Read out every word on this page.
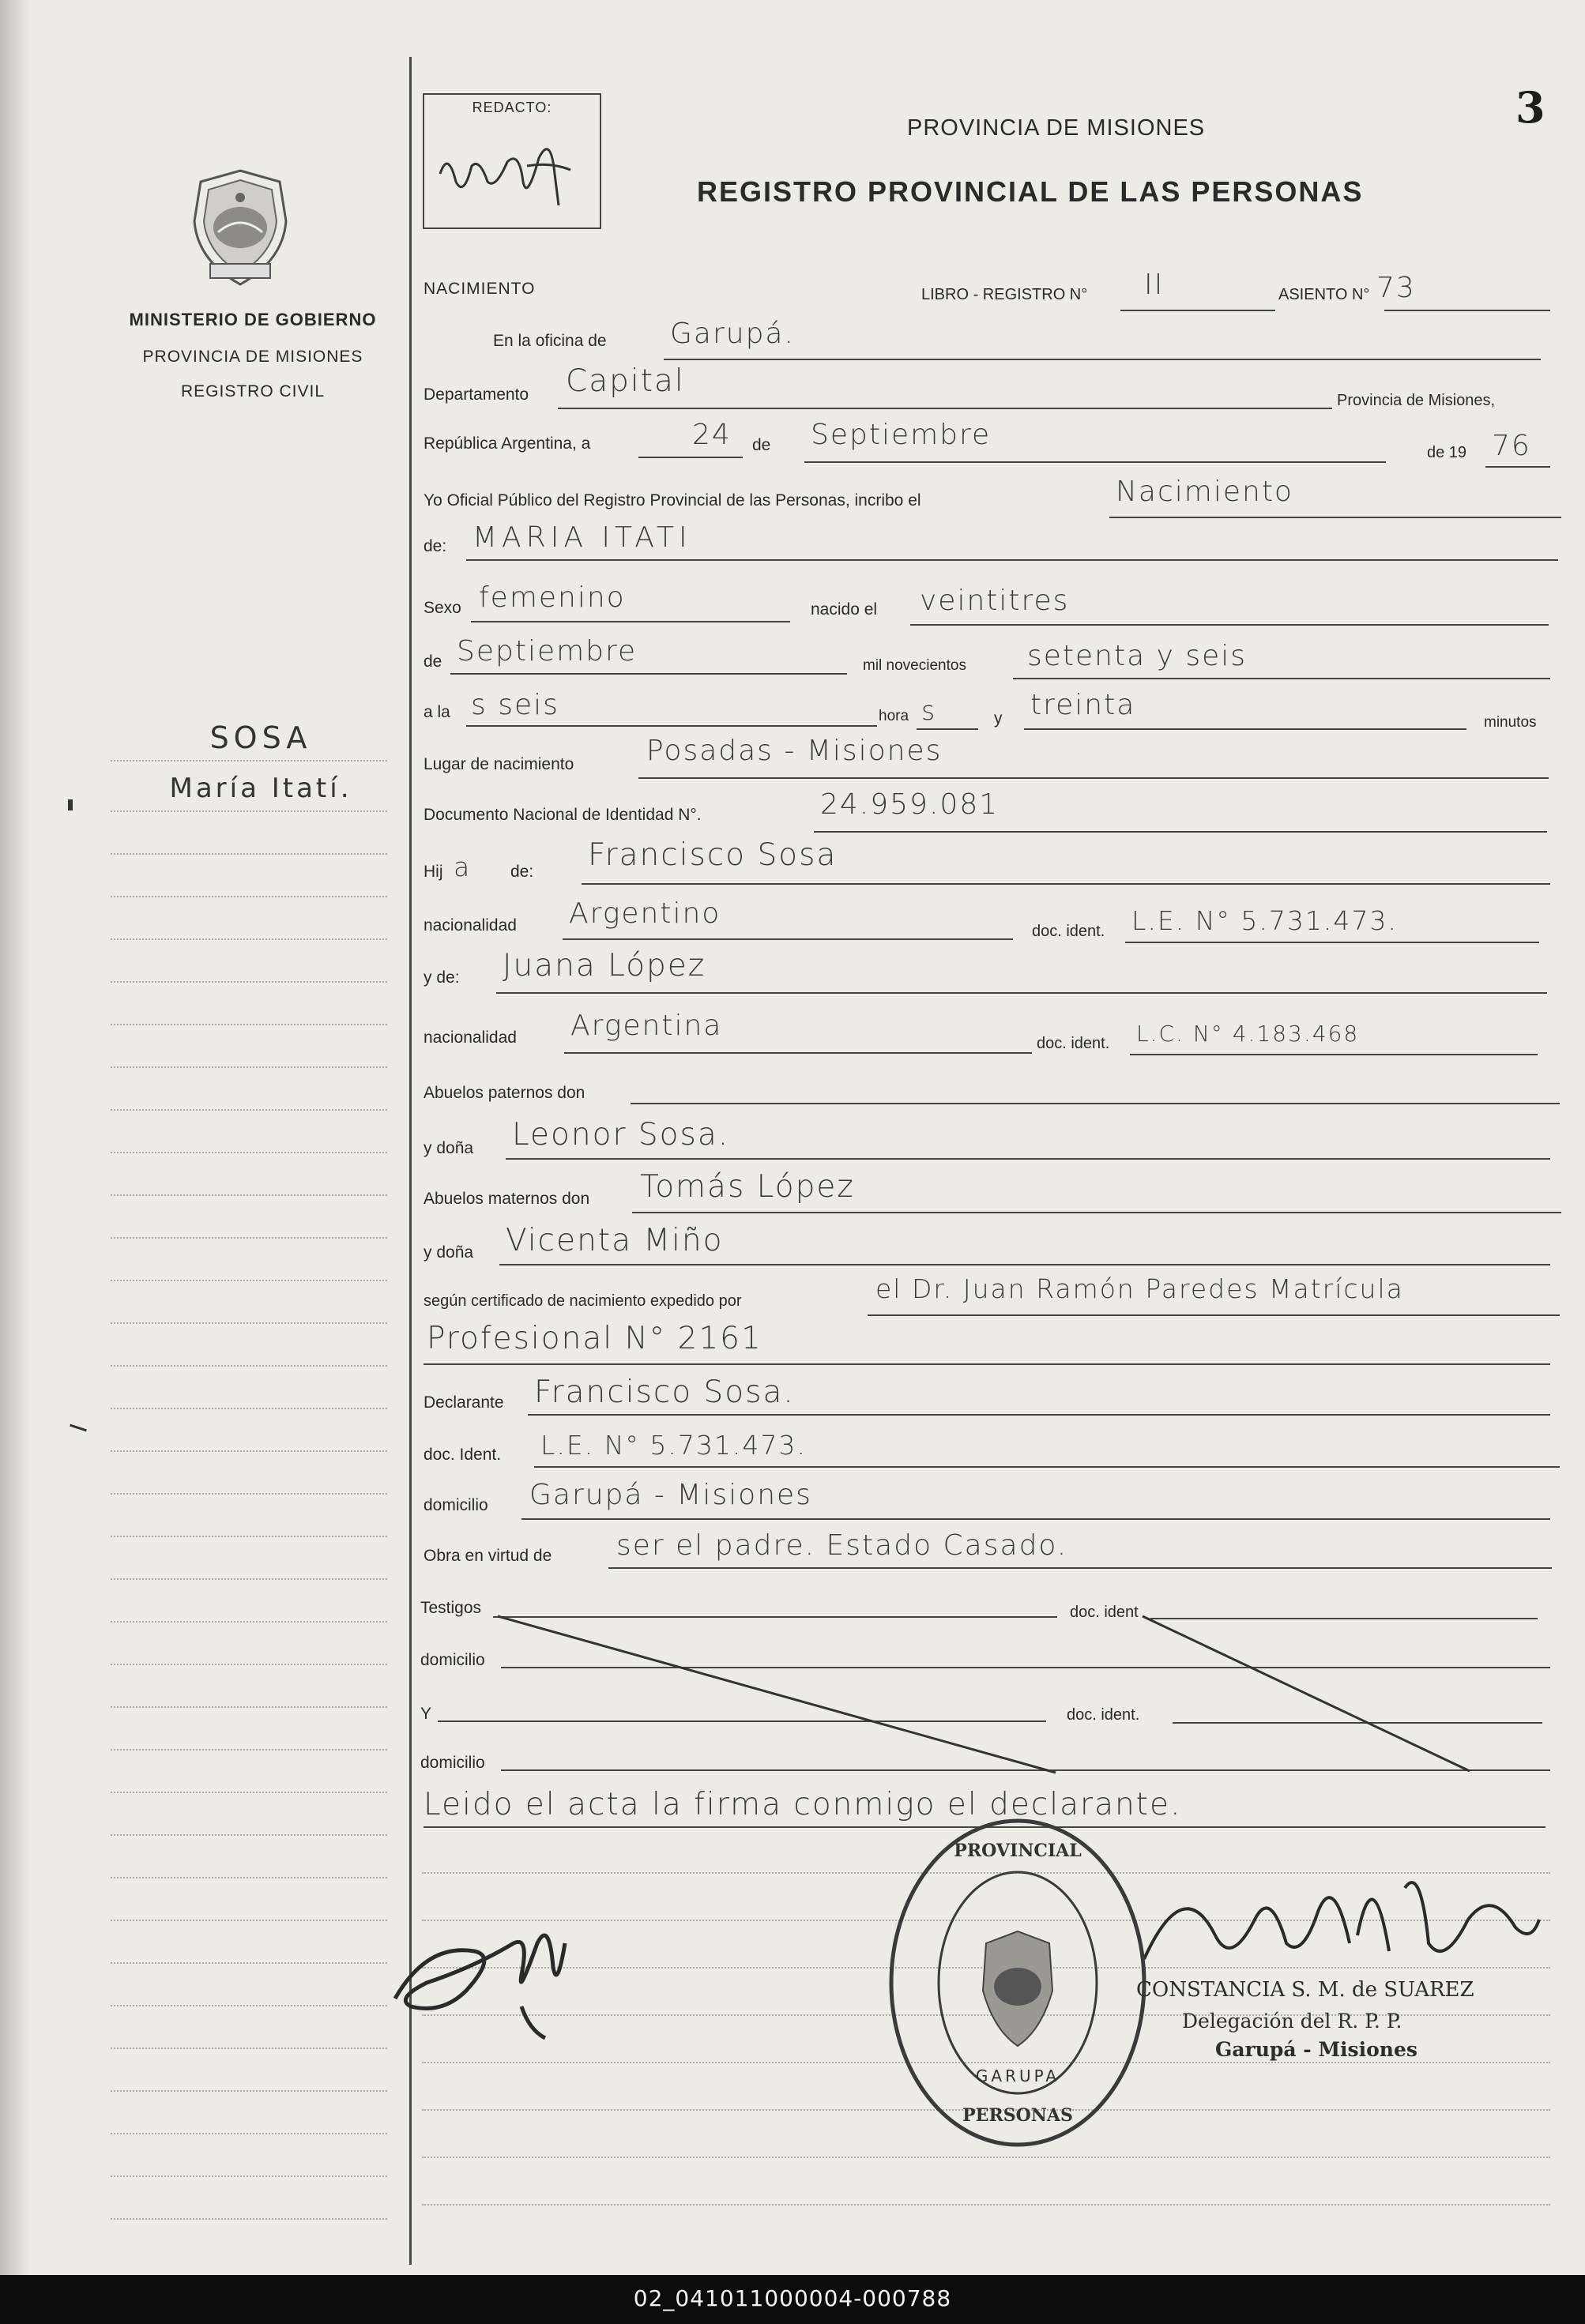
MINISTERIO DE GOBIERNO
PROVINCIA DE MISIONES
REGISTRO CIVIL
SOSA
María Itatí.
REDACTO:
PROVINCIA DE MISIONES
REGISTRO PROVINCIAL DE LAS PERSONAS
3
NACIMIENTO	LIBRO - REGISTRO N° II	ASIENTO N° 73
En la oficina de Garupá.
Departamento Capital
Provincia de Misiones,
República Argentina, a	24 de Septiembre
de 19 76
Yo Oficial Público del Registro Provincial de las Personas, incribo el	Nacimiento
de: MARIA ITATI
Sexo femenino	nacido el veintitres
de Septiembre	mil novecientos setenta y seis
a la s seis	hora s	y treinta
minutos
Lugar de nacimiento	Posadas - Misiones
Documento Nacional de Identidad N°.	24.959.081
Hij a de: Francisco Sosa
nacionalidad Argentino
doc. ident. L.E. N° 5.731.473.
y de: Juana López
nacionalidad Argentina
doc. ident. L.C. N° 4.183.468
Abuelos paternos don
y doña Leonor Sosa.
Abuelos maternos don Tomás López
y doña Vicenta Miño
según certificado de nacimiento expedido por	el Dr. Juan Ramón Paredes Matrícula
Profesional N° 2161
Declarante Francisco Sosa.
doc. Ident. L.E. N° 5.731.473.
domicilio Garupá - Misiones
Obra en virtud de ser el padre. Estado Casado.
Testigos	doc. ident
domicilio
Y	doc. ident.
domicilio
Leido el acta la firma conmigo el declarante.
PROVINCIAL
PERSONAS
GARUPA
CONSTANCIA S. M. de SUAREZ
Delegación del R. P. P.
Garupá - Misiones
02_041011000004-000788
